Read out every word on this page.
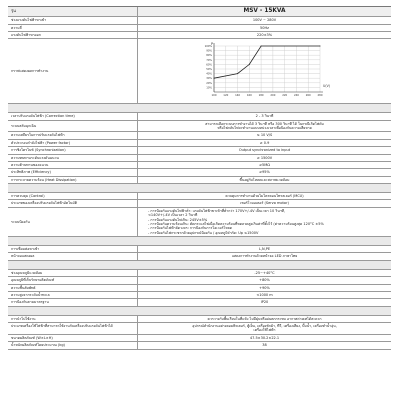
รุ่น	MSV - 15KVA
ช่วงแรงดันไฟฟ้าขาเข้า	100V ~ 280V
ความถี่	50Hz
แรงดันไฟฟ้าขาออก	220±3%
กราฟแสดงผลการทำงาน
100	120	140	160	180	200	220	240	260	280
10%
20%
30%
40%
50%
60%
70%
80%
90%
100%
P
U(V)
เวลาปรับแรงดันไฟฟ้า (Correction time)	2 - 3 วินาที
ระบบสลับฉุกเฉิน
สามารถเลือกระบบการทำงานได้ 3 วินาที หรือ 300 วินาที ได้ ในกรณีเกิดไฟดับ
หรือไฟกลับไฟจะทำงานแบบหน่วงเวลาเพื่อป้องกันความเสียหาย
ความเสถียรในการปรับแรงดันไฟฟ้า	≤ 10 V/S
ตัวประกอบกำลังไฟฟ้า (Power factor)	≥ 0.9
การซิงโครไนซ์ (Synchronization)	Output synchronized to input
ความทนทานระดับแรงดันฉนวน	≥ 1500V
ความต้านทานของฉนวน	≥5MΩ
ประสิทธิภาพ (Efficiency)	≥95%
การกระจายความร้อน (Heat Dissipation)	ขึ้นอยู่กับโหลดและสภาพแวดล้อม
การควบคุม (Control)	ควบคุมการทำงานด้วยไมโครคอนโทรลเลอร์ (MCU)
ประเภทของเครื่องปรับแรงดันไฟฟ้าอัตโนมัติ	เซอร์โวมอเตอร์ (Servo motor)
ระบบป้องกัน
- การป้องกันแรงดันไฟฟ้าต่ำ: แรงดันไฟฟ้าขาเข้าที่ต่ำกว่า 170V+/-4V เป็นเวลา 10 วินาที,
<140V+/-4V เป็นเวลา 2 วินาที
- การป้องกันแรงดันไฟเกิน: 245V±5%
- การป้องกันความร้อนเกิน: ตัดกระแสไฟเมื่อเกิดความร้อนที่ขดลวดสูงเกินค่าที่ตั้งไว้ (ค่าความร้อนสูงสุด 120°C ±5%
- การป้องกันไฟฟ้าลัดวงจร: การป้องกันการโอเวอร์โหลด
- การป้องกันไฟกระชากด้วยอุปกรณ์ป้องกัน / อุณหภูมิจำกัด: Up ≤1500V
การเชื่อมต่อขาเข้า	L,N,PE
หน้าจอแสดงผล	แสดงการทำงานด้วยหน้าจอ LED ภาษาไทย
ช่วงอุณหภูมิแวดล้อม	-25~+40°C
อุณหภูมิที่เก็บรักษาผลิตภัณฑ์	+80%
ความชื้นสัมพัทธ์	+90%
ความสูงจากระดับน้ำทะเล	<1000 m
การป้องกันตามมาตรฐาน	IP20
การนำไปใช้งาน	ควรวางกับพื้นเรียบในที่แห้ง ไม่มีฝุ่นหรือฝนตกกระทบ อากาศถ่ายเทได้สะดวก
ประเภทเครื่องใช้ไฟฟ้าที่สามารถใช้งานกับเครื่องปรับแรงดันไฟฟ้าได้	อุปกรณ์สำนักงานอย่างคอมพิวเตอร์, ตู้เย็น, เครื่องซักผ้า, ทีวี, เครื่องเสียง, ปั๊มน้ำ, เครื่องทำน้ำอุ่น,
เครื่องใช้ไฟฟ้า
ขนาดผลิตภัณฑ์ (W×L×H)	47.5×30.2×22.1
น้ำหนักผลิตภัณฑ์โดยประมาณ (kg)	38
